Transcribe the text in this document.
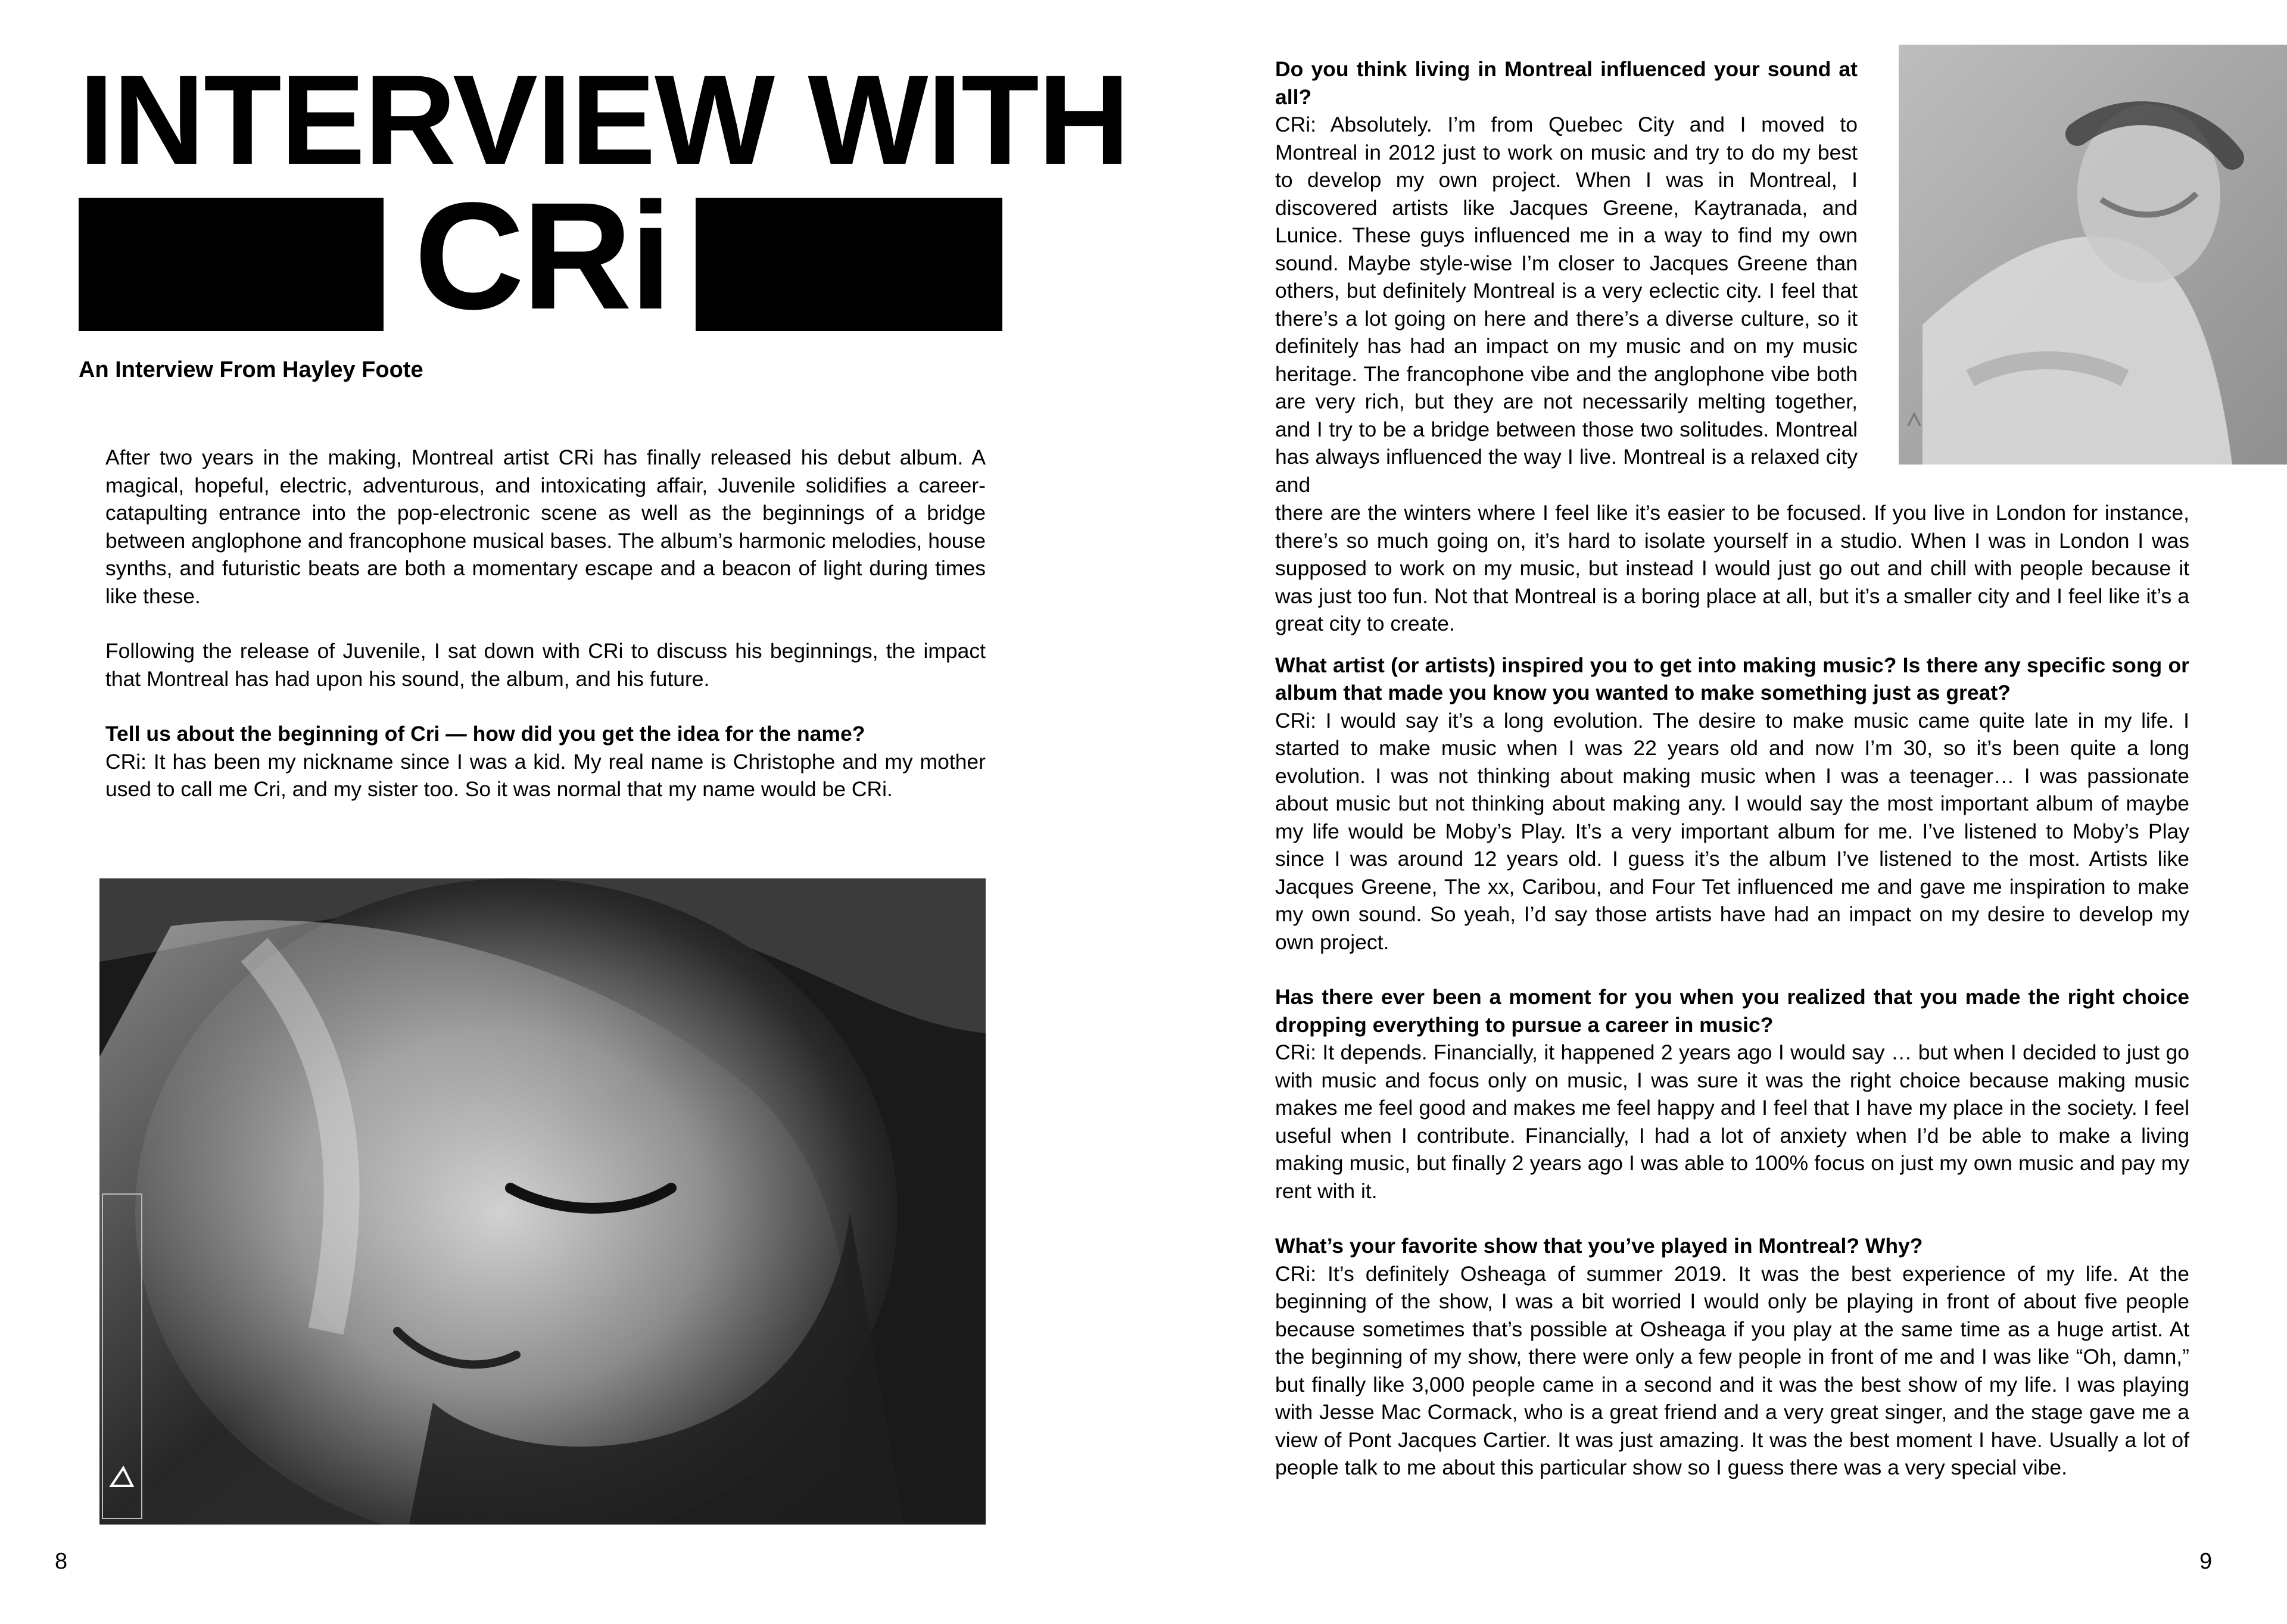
INTERVIEW WITH
CRi
An Interview From Hayley Foote

After two years in the making, Montreal artist CRi has finally released his debut album. A magical, hopeful, electric, adventurous, and intoxicating affair, Juvenile solidifies a career-catapulting entrance into the pop-electronic scene as well as the beginnings of a bridge between anglophone and francophone musical bases. The album’s harmonic melodies, house synths, and futuristic beats are both a momentary escape and a beacon of light during times like these.

Following the release of Juvenile, I sat down with CRi to discuss his beginnings, the impact that Montreal has had upon his sound, the album, and his future.

Tell us about the beginning of Cri — how did you get the idea for the name?
CRi: It has been my nickname since I was a kid. My real name is Christophe and my mother used to call me Cri, and my sister too. So it was normal that my name would be CRi.
Do you think living in Montreal influenced your sound at all?
CRi: Absolutely. I’m from Quebec City and I moved to Montreal in 2012 just to work on music and try to do my best to develop my own project. When I was in Montreal, I discovered artists like Jacques Greene, Kaytranada, and Lunice. These guys influenced me in a way to find my own sound. Maybe style-wise I’m closer to Jacques Greene than others, but definitely Montreal is a very eclectic city. I feel that there’s a lot going on here and there’s a diverse culture, so it definitely has had an impact on my music and on my music heritage. The francophone vibe and the anglophone vibe both are very rich, but they are not necessarily melting together, and I try to be a bridge between those two solitudes. Montreal has always influenced the way I live. Montreal is a relaxed city and

there are the winters where I feel like it’s easier to be focused. If you live in London for instance, there’s so much going on, it’s hard to isolate yourself in a studio. When I was in London I was supposed to work on my music, but instead I would just go out and chill with people because it was just too fun. Not that Montreal is a boring place at all, but it’s a smaller city and I feel like it’s a great city to create.

What artist (or artists) inspired you to get into making music? Is there any specific song or album that made you know you wanted to make something just as great?
CRi: I would say it’s a long evolution. The desire to make music came quite late in my life. I started to make music when I was 22 years old and now I’m 30, so it’s been quite a long evolution. I was not thinking about making music when I was a teenager… I was passionate about music but not thinking about making any. I would say the most important album of maybe my life would be Moby’s Play. It’s a very important album for me. I’ve listened to Moby’s Play since I was around 12 years old. I guess it’s the album I’ve listened to the most. Artists like Jacques Greene, The xx, Caribou, and Four Tet influenced me and gave me inspiration to make my own sound. So yeah, I’d say those artists have had an impact on my desire to develop my own project.
Has there ever been a moment for you when you realized that you made the right choice dropping everything to pursue a career in music?
CRi: It depends. Financially, it happened 2 years ago I would say … but when I decided to just go with music and focus only on music, I was sure it was the right choice because making music makes me feel good and makes me feel happy and I feel that I have my place in the society. I feel useful when I contribute. Financially, I had a lot of anxiety when I’d be able to make a living making music, but finally 2 years ago I was able to 100% focus on just my own music and pay my rent with it.
What’s your favorite show that you’ve played in Montreal? Why?
CRi: It’s definitely Osheaga of summer 2019. It was the best experience of my life. At the beginning of the show, I was a bit worried I would only be playing in front of about five people because sometimes that’s possible at Osheaga if you play at the same time as a huge artist. At the beginning of my show, there were only a few people in front of me and I was like “Oh, damn,” but finally like 3,000 people came in a second and it was the best show of my life. I was playing with Jesse Mac Cormack, who is a great friend and a very great singer, and the stage gave me a view of Pont Jacques Cartier. It was just amazing. It was the best moment I have. Usually a lot of people talk to me about this particular show so I guess there was a very special vibe.
8	9
